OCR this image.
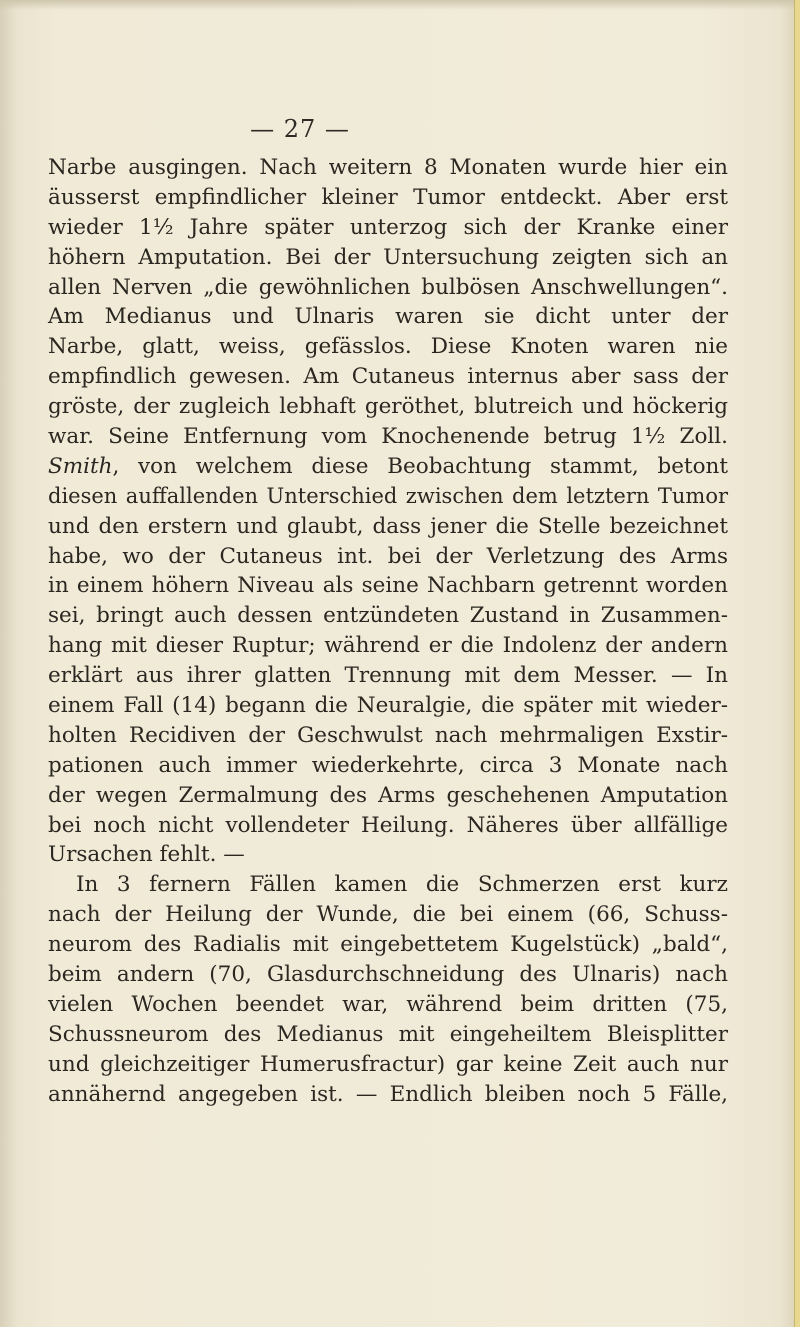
— 27 —
Narbe ausgingen. Nach weitern 8 Monaten wurde hier ein
äusserst empfindlicher kleiner Tumor entdeckt. Aber erst
wieder 1½ Jahre später unterzog sich der Kranke einer
höhern Amputation. Bei der Untersuchung zeigten sich an
allen Nerven „die gewöhnlichen bulbösen Anschwellungen“.
Am Medianus und Ulnaris waren sie dicht unter der
Narbe, glatt, weiss, gefässlos. Diese Knoten waren nie
empfindlich gewesen. Am Cutaneus internus aber sass der
gröste, der zugleich lebhaft geröthet, blutreich und höckerig
war. Seine Entfernung vom Knochenende betrug 1½ Zoll.
Smith, von welchem diese Beobachtung stammt, betont
diesen auffallenden Unterschied zwischen dem letztern Tumor
und den erstern und glaubt, dass jener die Stelle bezeichnet
habe, wo der Cutaneus int. bei der Verletzung des Arms
in einem höhern Niveau als seine Nachbarn getrennt worden
sei, bringt auch dessen entzündeten Zustand in Zusammen-
hang mit dieser Ruptur; während er die Indolenz der andern
erklärt aus ihrer glatten Trennung mit dem Messer. — In
einem Fall (14) begann die Neuralgie, die später mit wieder-
holten Recidiven der Geschwulst nach mehrmaligen Exstir-
pationen auch immer wiederkehrte, circa 3 Monate nach
der wegen Zermalmung des Arms geschehenen Amputation
bei noch nicht vollendeter Heilung. Näheres über allfällige
Ursachen fehlt. —
In 3 fernern Fällen kamen die Schmerzen erst kurz
nach der Heilung der Wunde, die bei einem (66, Schuss-
neurom des Radialis mit eingebettetem Kugelstück) „bald“,
beim andern (70, Glasdurchschneidung des Ulnaris) nach
vielen Wochen beendet war, während beim dritten (75,
Schussneurom des Medianus mit eingeheiltem Bleisplitter
und gleichzeitiger Humerusfractur) gar keine Zeit auch nur
annähernd angegeben ist. — Endlich bleiben noch 5 Fälle,
